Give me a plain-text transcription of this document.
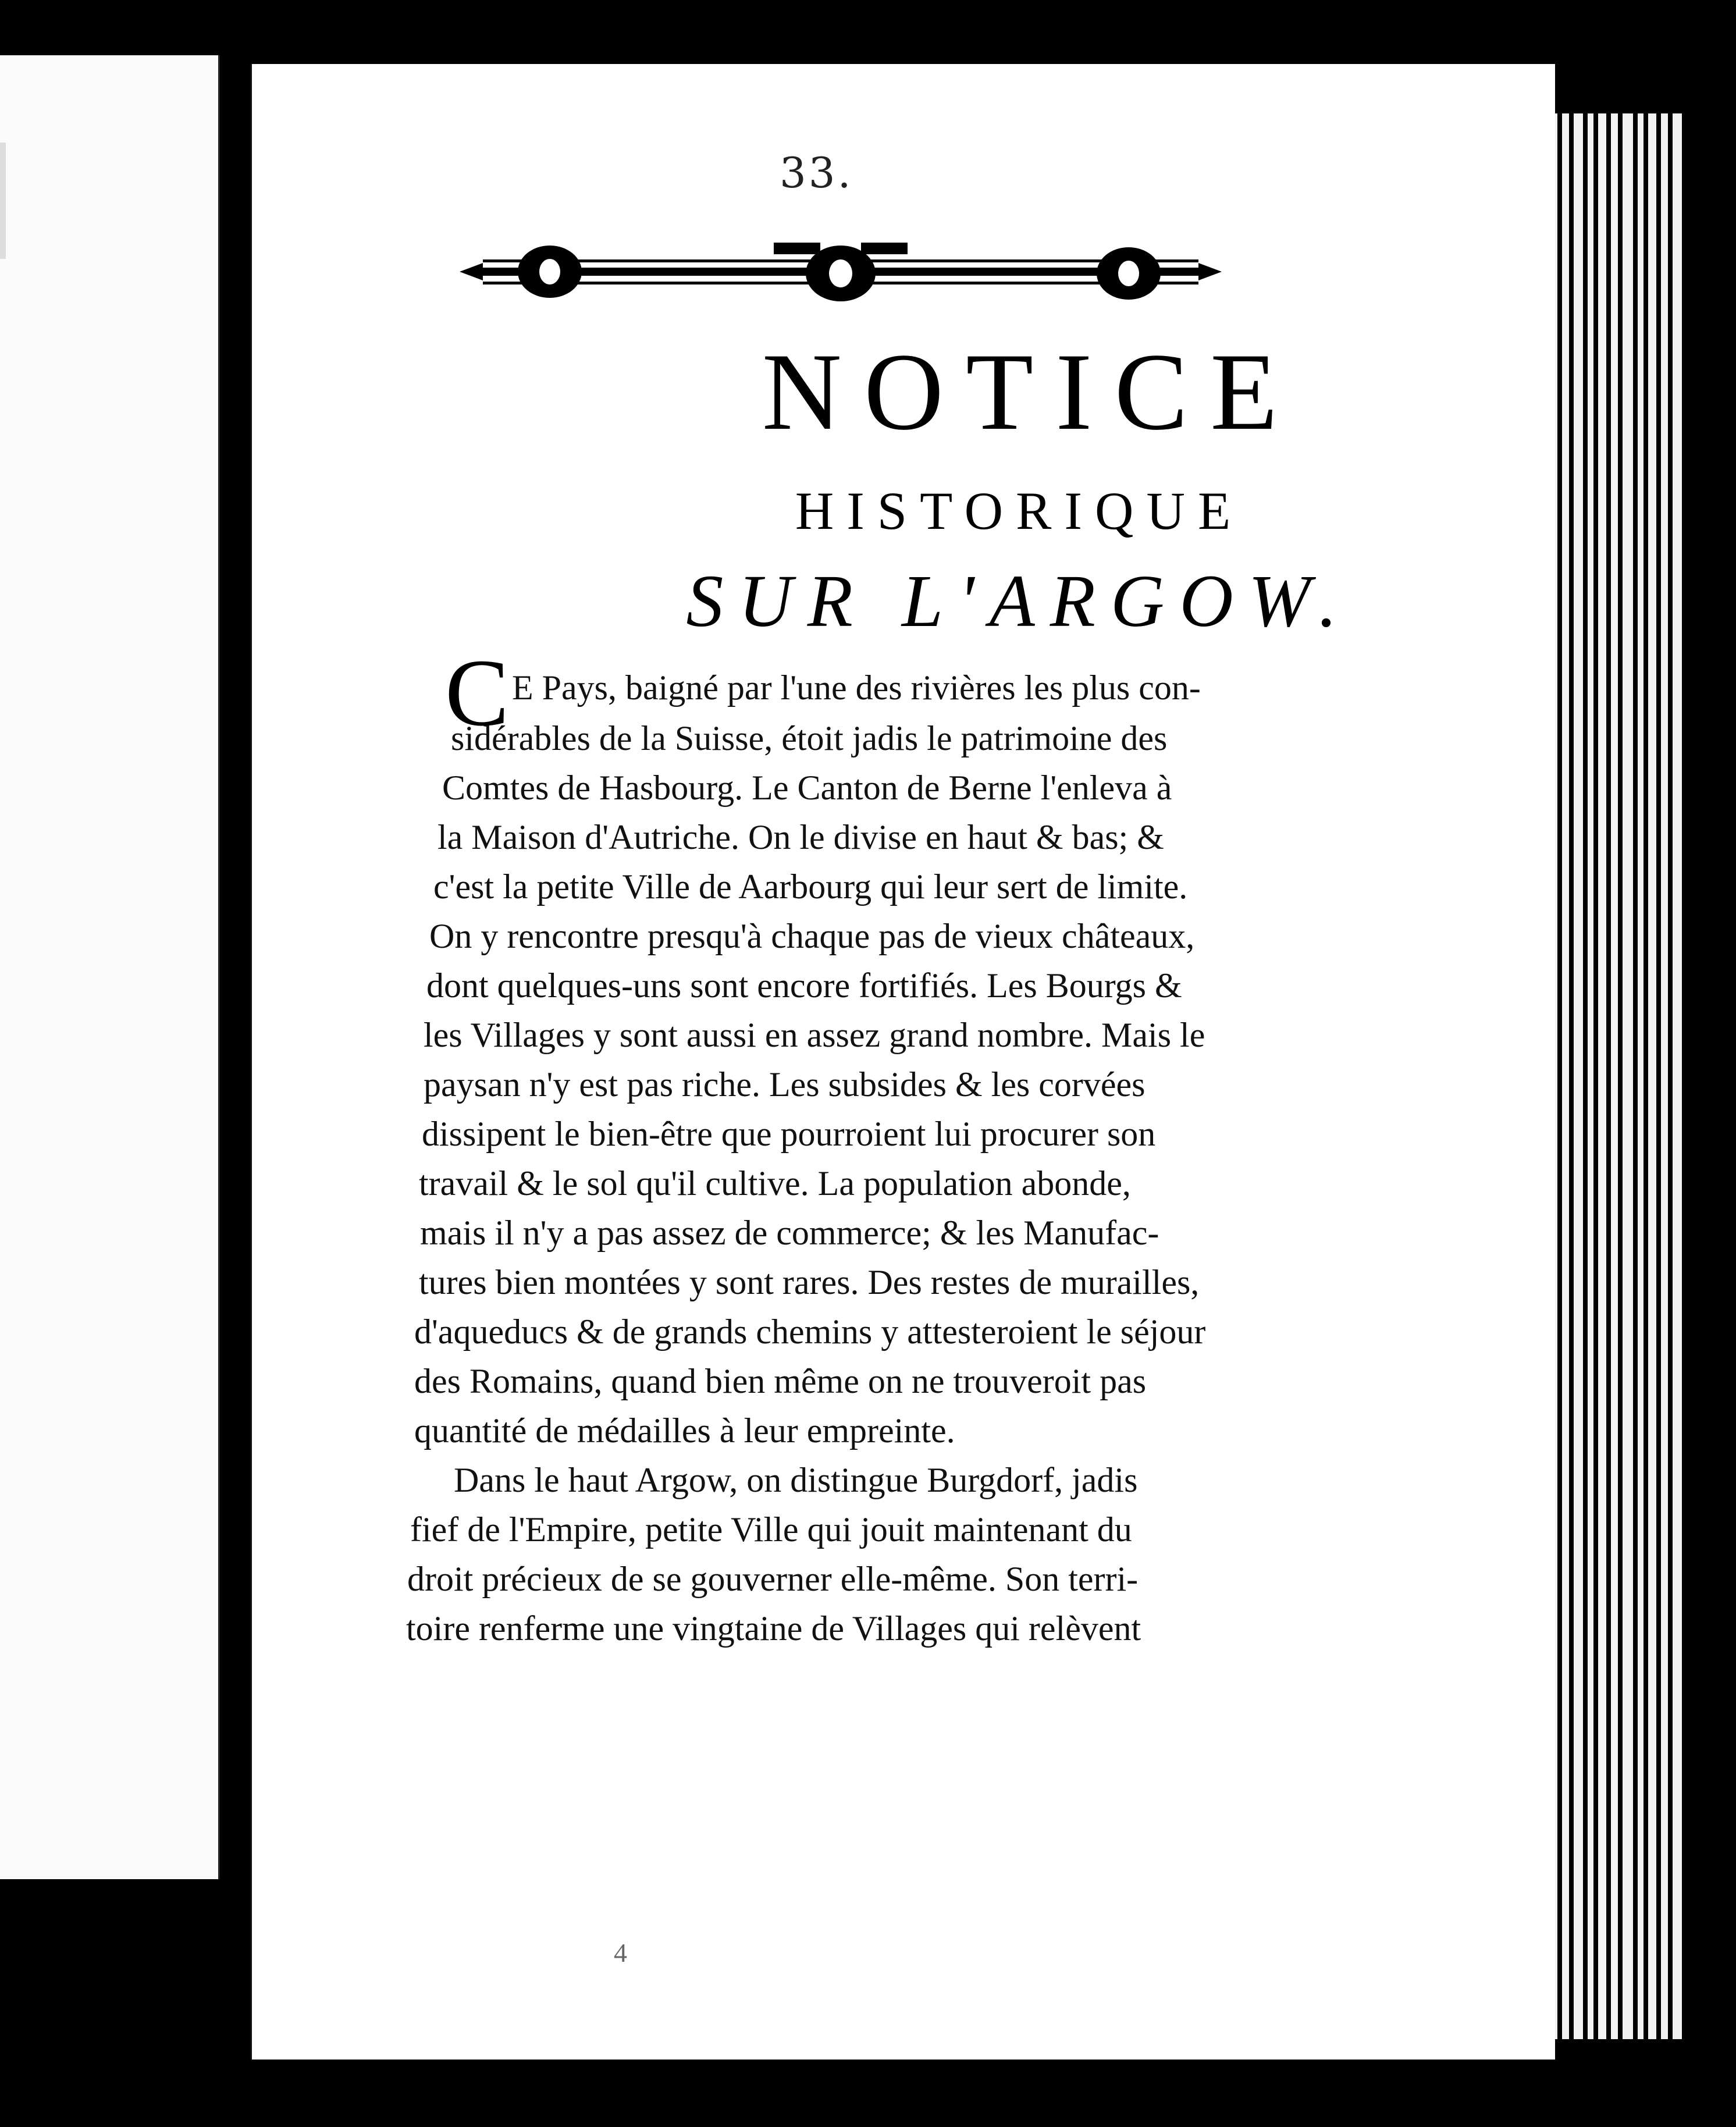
33.
NOTICE
HISTORIQUE
SUR L'ARGOW.
C E Pays, baigné par l'une des rivières les plus con-
sidérables de la Suisse, étoit jadis le patrimoine des
Comtes de Hasbourg. Le Canton de Berne l'enleva à
la Maison d'Autriche. On le divise en haut & bas; &
c'est la petite Ville de Aarbourg qui leur sert de limite.
On y rencontre presqu'à chaque pas de vieux châteaux,
dont quelques-uns sont encore fortifiés. Les Bourgs &
les Villages y sont aussi en assez grand nombre. Mais le
paysan n'y est pas riche. Les subsides & les corvées
dissipent le bien-être que pourroient lui procurer son
travail & le sol qu'il cultive. La population abonde,
mais il n'y a pas assez de commerce; & les Manufac-
tures bien montées y sont rares. Des restes de murailles,
d'aqueducs & de grands chemins y attesteroient le séjour
des Romains, quand bien même on ne trouveroit pas
quantité de médailles à leur empreinte.
Dans le haut Argow, on distingue Burgdorf, jadis
fief de l'Empire, petite Ville qui jouit maintenant du
droit précieux de se gouverner elle-même. Son terri-
toire renferme une vingtaine de Villages qui relèvent
4
